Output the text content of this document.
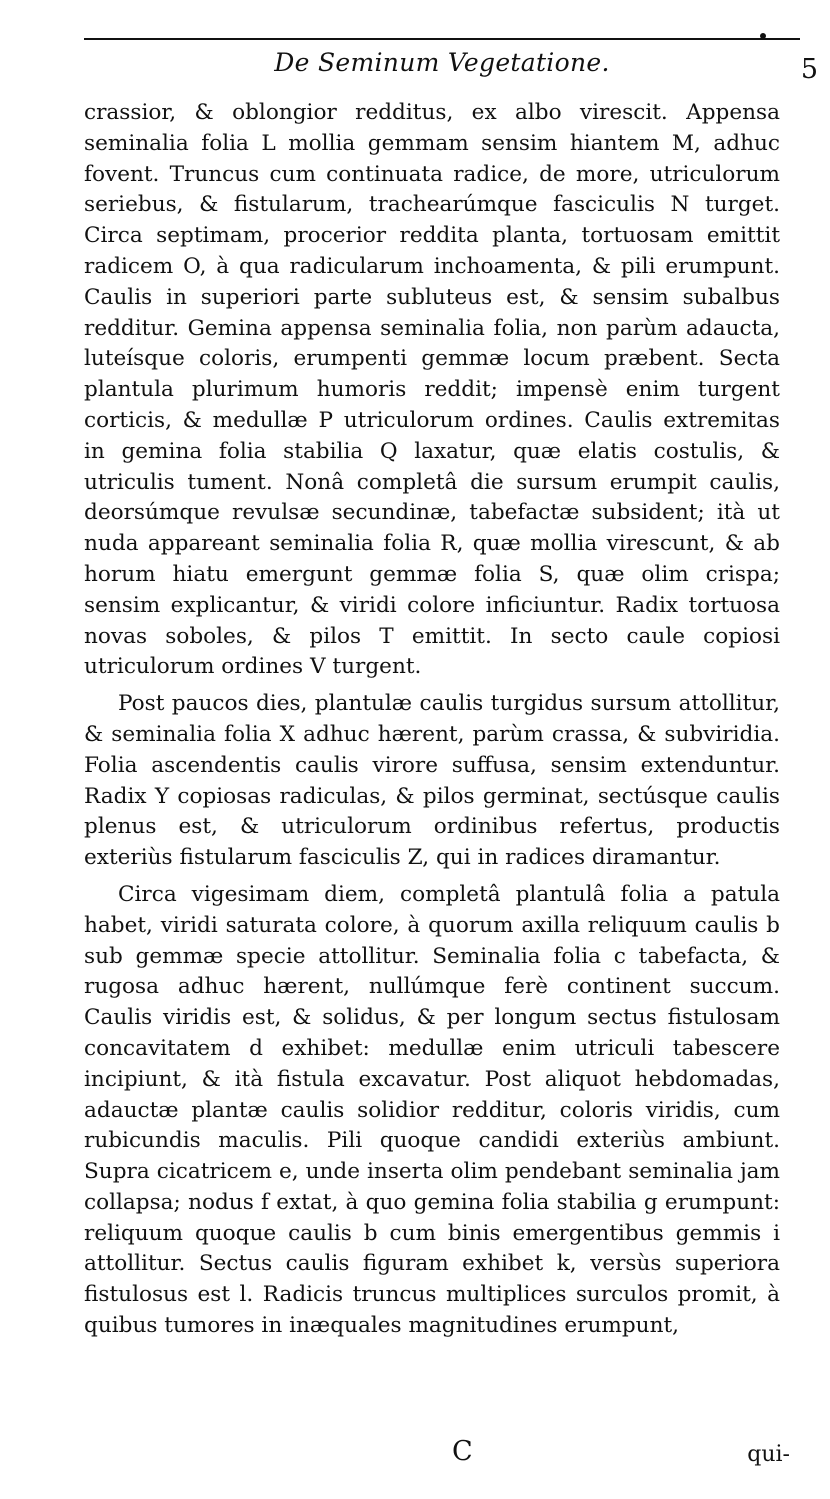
De Seminum Vegetatione.	5

crassior, & oblongior redditus, ex albo virescit. Appensa seminalia folia L mollia gemmam sensim hiantem M, adhuc fovent. Truncus cum continuata radice, de more, utriculorum seriebus, & fistularum, trachearúmque fasciculis N turget. Circa septimam, procerior reddita planta, tortuosam emittit radicem O, à qua radicularum inchoamenta, & pili erumpunt. Caulis in superiori parte subluteus est, & sensim subalbus redditur. Gemina appensa seminalia folia, non parùm adaucta, luteísque coloris, erumpenti gemmæ locum præbent. Secta plantula plurimum humoris reddit; impensè enim turgent corticis, & medullæ P utriculorum ordines. Caulis extremitas in gemina folia stabilia Q laxatur, quæ elatis costulis, & utriculis tument. Nonâ completâ die sursum erumpit caulis, deorsúmque revulsæ secundinæ, tabefactæ subsident; ità ut nuda appareant seminalia folia R, quæ mollia virescunt, & ab horum hiatu emergunt gemmæ folia S, quæ olim crispa; sensim explicantur, & viridi colore inficiuntur. Radix tortuosa novas soboles, & pilos T emittit. In secto caule copiosi utriculorum ordines V turgent.

Post paucos dies, plantulæ caulis turgidus sursum attollitur, & seminalia folia X adhuc hærent, parùm crassa, & subviridia. Folia ascendentis caulis virore suffusa, sensim extenduntur. Radix Y copiosas radiculas, & pilos germinat, sectúsque caulis plenus est, & utriculorum ordinibus refertus, productis exteriùs fistularum fasciculis Z, qui in radices diramantur.

Circa vigesimam diem, completâ plantulâ folia a patula habet, viridi saturata colore, à quorum axilla reliquum caulis b sub gemmæ specie attollitur. Seminalia folia c tabefacta, & rugosa adhuc hærent, nullúmque ferè continent succum. Caulis viridis est, & solidus, & per longum sectus fistulosam concavitatem d exhibet: medullæ enim utriculi tabescere incipiunt, & ità fistula excavatur. Post aliquot hebdomadas, adauctæ plantæ caulis solidior redditur, coloris viridis, cum rubicundis maculis. Pili quoque candidi exteriùs ambiunt. Supra cicatricem e, unde inserta olim pendebant seminalia jam collapsa; nodus f extat, à quo gemina folia stabilia g erumpunt: reliquum quoque caulis b cum binis emergentibus gemmis i attollitur. Sectus caulis figuram exhibet k, versùs superiora fistulosus est l. Radicis truncus multiplices surculos promit, à quibus tumores in inæquales magnitudines erumpunt,

C	qui-
